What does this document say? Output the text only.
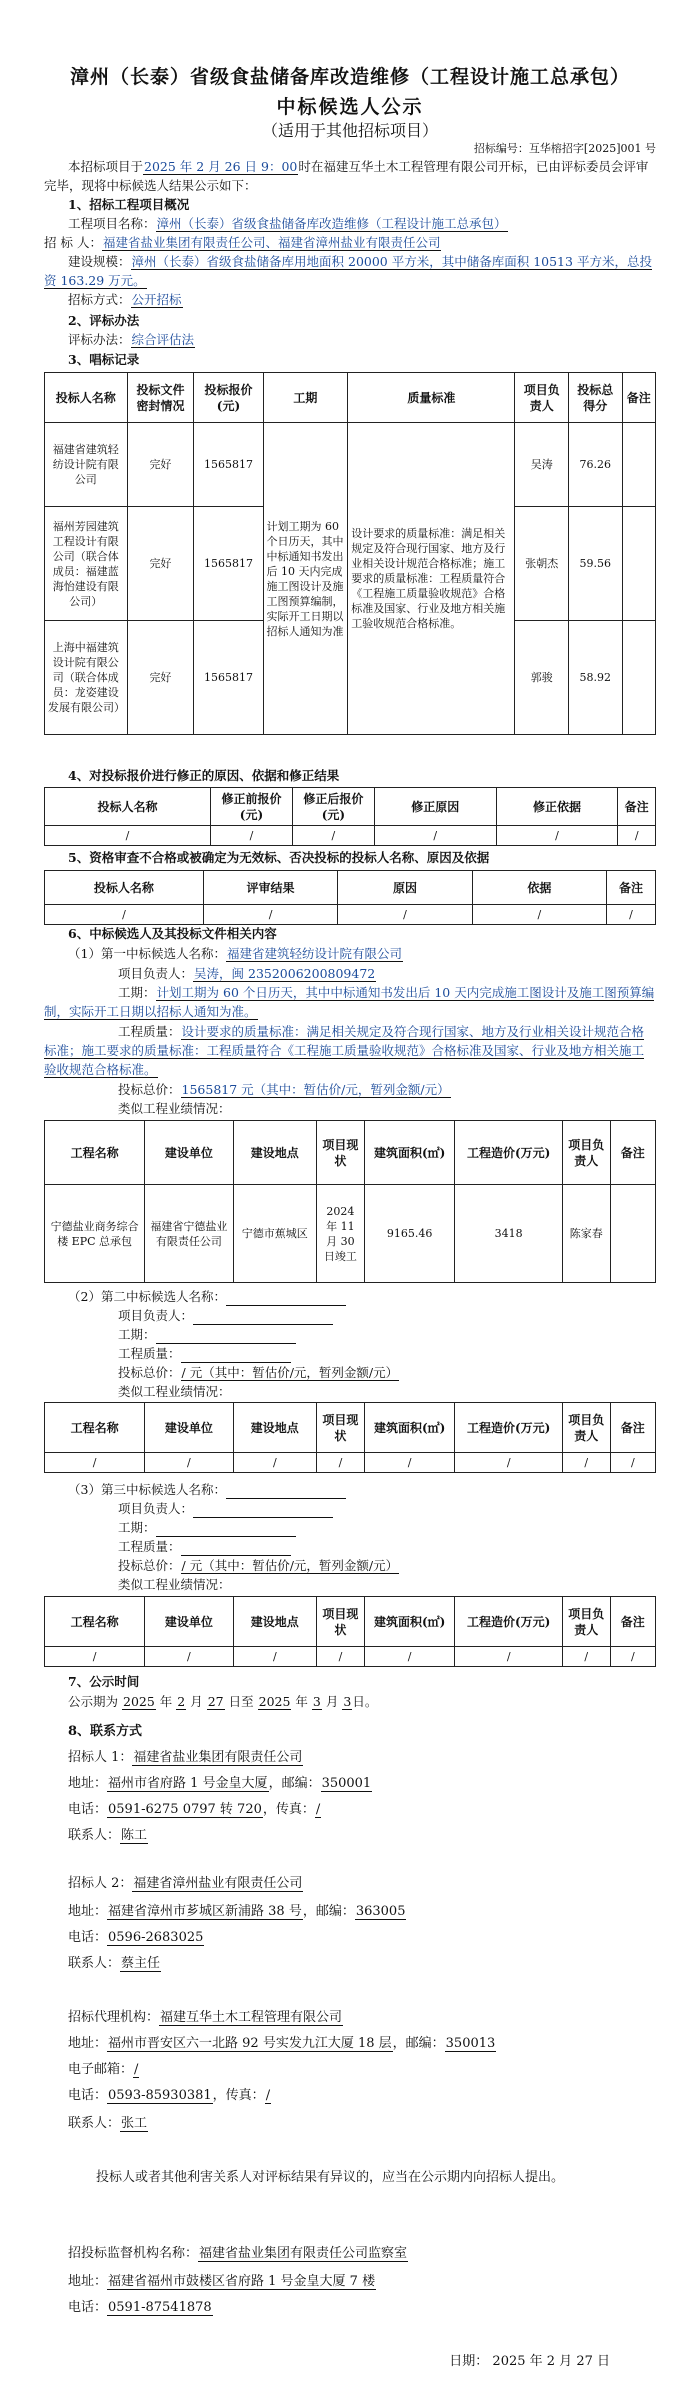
漳州（长泰）省级食盐储备库改造维修（工程设计施工总承包）
中标候选人公示
（适用于其他招标项目）
招标编号：互华榕招字[2025]001 号
本招标项目于2025 年 2 月 26 日 9：00时在福建互华土木工程管理有限公司开标，已由评标委员会评审完毕，现将中标候选人结果公示如下：
1、招标工程项目概况
工程项目名称：漳州（长泰）省级食盐储备库改造维修（工程设计施工总承包）
招 标 人：福建省盐业集团有限责任公司、福建省漳州盐业有限责任公司
建设规模：漳州（长泰）省级食盐储备库用地面积 20000 平方米，其中储备库面积 10513 平方米，总投资 163.29 万元。
招标方式：公开招标
2、评标办法
评标办法：综合评估法
3、唱标记录
投标人名称	投标文件密封情况	投标报价(元)	工期	质量标准	项目负责人	投标总得分	备注
福建省建筑轻纺设计院有限公司	完好	1565817	计划工期为 60 个日历天，其中中标通知书发出后 10 天内完成施工图设计及施工图预算编制，实际开工日期以招标人通知为准	设计要求的质量标准：满足相关规定及符合现行国家、地方及行业相关设计规范合格标准；施工要求的质量标准：工程质量符合《工程施工质量验收规范》合格标准及国家、行业及地方相关施工验收规范合格标准。	吴涛	76.26	
福州芳园建筑工程设计有限公司（联合体成员：福建蓝海怡建设有限公司）	完好	1565817			张朝杰	59.56	
上海中福建筑设计院有限公司（联合体成员：龙姿建设发展有限公司）	完好	1565817			郭骏	58.92	
4、对投标报价进行修正的原因、依据和修正结果
投标人名称	修正前报价(元)	修正后报价(元)	修正原因	修正依据	备注
/	/	/	/	/	/
5、资格审查不合格或被确定为无效标、否决投标的投标人名称、原因及依据
投标人名称	评审结果	原因	依据	备注
/	/	/	/	/
6、中标候选人及其投标文件相关内容
（1）第一中标候选人名称：福建省建筑轻纺设计院有限公司
项目负责人：吴涛，闽 2352006200809472
工期：计划工期为 60 个日历天，其中中标通知书发出后 10 天内完成施工图设计及施工图预算编制，实际开工日期以招标人通知为准。
工程质量：设计要求的质量标准：满足相关规定及符合现行国家、地方及行业相关设计规范合格标准；施工要求的质量标准：工程质量符合《工程施工质量验收规范》合格标准及国家、行业及地方相关施工验收规范合格标准。
投标总价：1565817 元（其中：暂估价/元，暂列金额/元）
类似工程业绩情况：
工程名称	建设单位	建设地点	项目现状	建筑面积(㎡)	工程造价(万元)	项目负责人	备注
宁德盐业商务综合楼 EPC 总承包	福建省宁德盐业有限责任公司	宁德市蕉城区	2024 年 11 月 30 日竣工	9165.46	3418	陈家春	
（2）第二中标候选人名称：
项目负责人：
工期：
工程质量：
投标总价：/ 元（其中：暂估价/元，暂列金额/元）
类似工程业绩情况：
工程名称	建设单位	建设地点	项目现状	建筑面积(㎡)	工程造价(万元)	项目负责人	备注
/	/	/	/	/	/	/	/
（3）第三中标候选人名称：
项目负责人：
工期：
工程质量：
投标总价：/ 元（其中：暂估价/元，暂列金额/元）
类似工程业绩情况：
工程名称	建设单位	建设地点	项目现状	建筑面积(㎡)	工程造价(万元)	项目负责人	备注
/	/	/	/	/	/	/	/
7、公示时间
公示期为 2025 年 2 月 27 日至 2025 年 3 月 3日。
8、联系方式
招标人 1：福建省盐业集团有限责任公司
地址：福州市省府路 1 号金皇大厦，邮编：350001
电话：0591-6275 0797 转 720，传真：/
联系人：陈工
招标人 2：福建省漳州盐业有限责任公司
地址：福建省漳州市芗城区新浦路 38 号，邮编：363005
电话：0596-2683025
联系人：蔡主任
招标代理机构：福建互华土木工程管理有限公司
地址：福州市晋安区六一北路 92 号实发九江大厦 18 层，邮编：350013
电子邮箱：/
电话：0593-85930381，传真：/
联系人：张工
投标人或者其他利害关系人对评标结果有异议的，应当在公示期内向招标人提出。
招投标监督机构名称：福建省盐业集团有限责任公司监察室
地址：福建省福州市鼓楼区省府路 1 号金皇大厦 7 楼
电话：0591-87541878
日期： 2025 年 2 月 27 日
